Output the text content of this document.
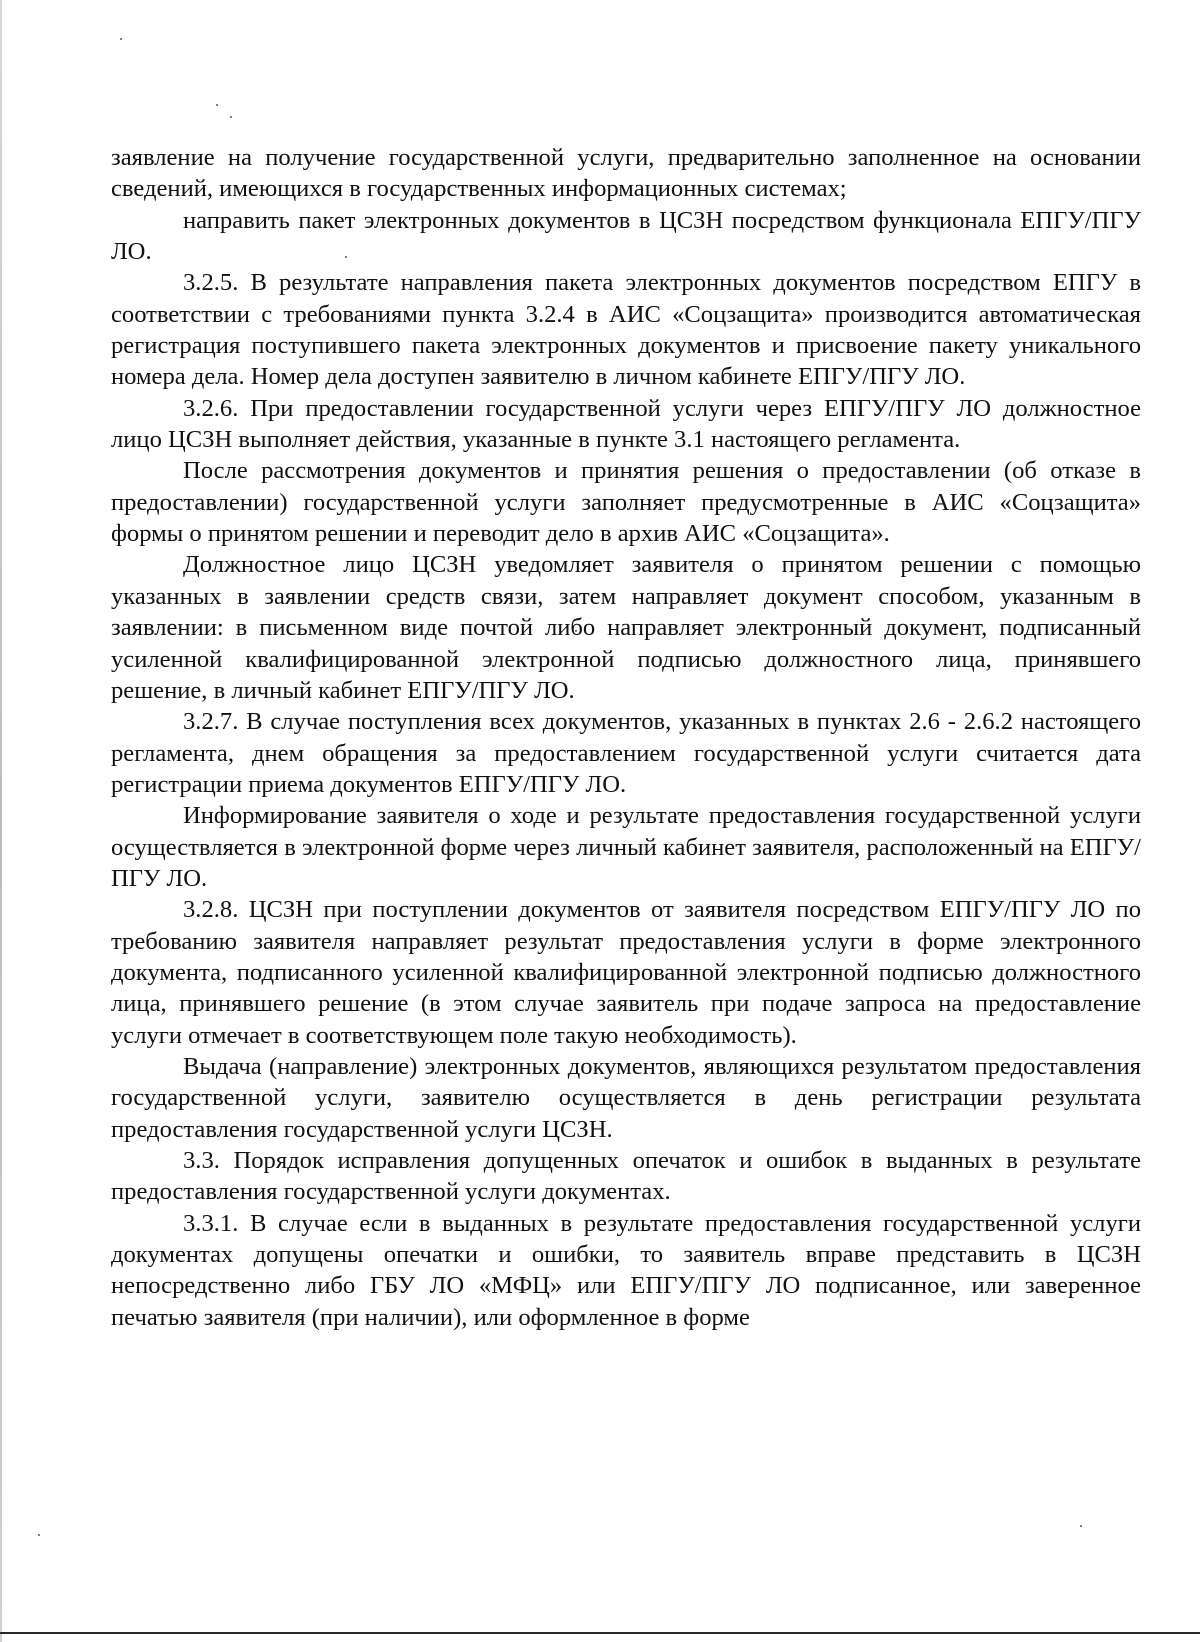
заявление на получение государственной услуги, предварительно заполненное на основании сведений, имеющихся в государственных информационных системах;

направить пакет электронных документов в ЦСЗН посредством функционала ЕПГУ/ПГУ ЛО.

3.2.5. В результате направления пакета электронных документов посредством ЕПГУ в соответствии с требованиями пункта 3.2.4 в АИС «Соцзащита» производится автоматическая регистрация поступившего пакета электронных документов и присвоение пакету уникального номера дела. Номер дела доступен заявителю в личном кабинете ЕПГУ/ПГУ ЛО.

3.2.6. При предоставлении государственной услуги через ЕПГУ/ПГУ ЛО должностное лицо ЦСЗН выполняет действия, указанные в пункте 3.1 настоящего регламента.

После рассмотрения документов и принятия решения о предоставлении (об отказе в предоставлении) государственной услуги заполняет предусмотренные в АИС «Соцзащита» формы о принятом решении и переводит дело в архив АИС «Соцзащита».

Должностное лицо ЦСЗН уведомляет заявителя о принятом решении с помощью указанных в заявлении средств связи, затем направляет документ способом, указанным в заявлении: в письменном виде почтой либо направляет электронный документ, подписанный усиленной квалифицированной электронной подписью должностного лица, принявшего решение, в личный кабинет ЕПГУ/ПГУ ЛО.

3.2.7. В случае поступления всех документов, указанных в пунктах 2.6 - 2.6.2 настоящего регламента, днем обращения за предоставлением государственной услуги считается дата регистрации приема документов ЕПГУ/ПГУ ЛО.

Информирование заявителя о ходе и результате предоставления государственной услуги осуществляется в электронной форме через личный кабинет заявителя, расположенный на ЕПГУ/ПГУ ЛО.

3.2.8. ЦСЗН при поступлении документов от заявителя посредством ЕПГУ/ПГУ ЛО по требованию заявителя направляет результат предоставления услуги в форме электронного документа, подписанного усиленной квалифицированной электронной подписью должностного лица, принявшего решение (в этом случае заявитель при подаче запроса на предоставление услуги отмечает в соответствующем поле такую необходимость).

Выдача (направление) электронных документов, являющихся результатом предоставления государственной услуги, заявителю осуществляется в день регистрации результата предоставления государственной услуги ЦСЗН.

3.3. Порядок исправления допущенных опечаток и ошибок в выданных в результате предоставления государственной услуги документах.

3.3.1. В случае если в выданных в результате предоставления государственной услуги документах допущены опечатки и ошибки, то заявитель вправе представить в ЦСЗН непосредственно либо ГБУ ЛО «МФЦ» или ЕПГУ/ПГУ ЛО подписанное, или заверенное печатью заявителя (при наличии), или оформленное в форме
